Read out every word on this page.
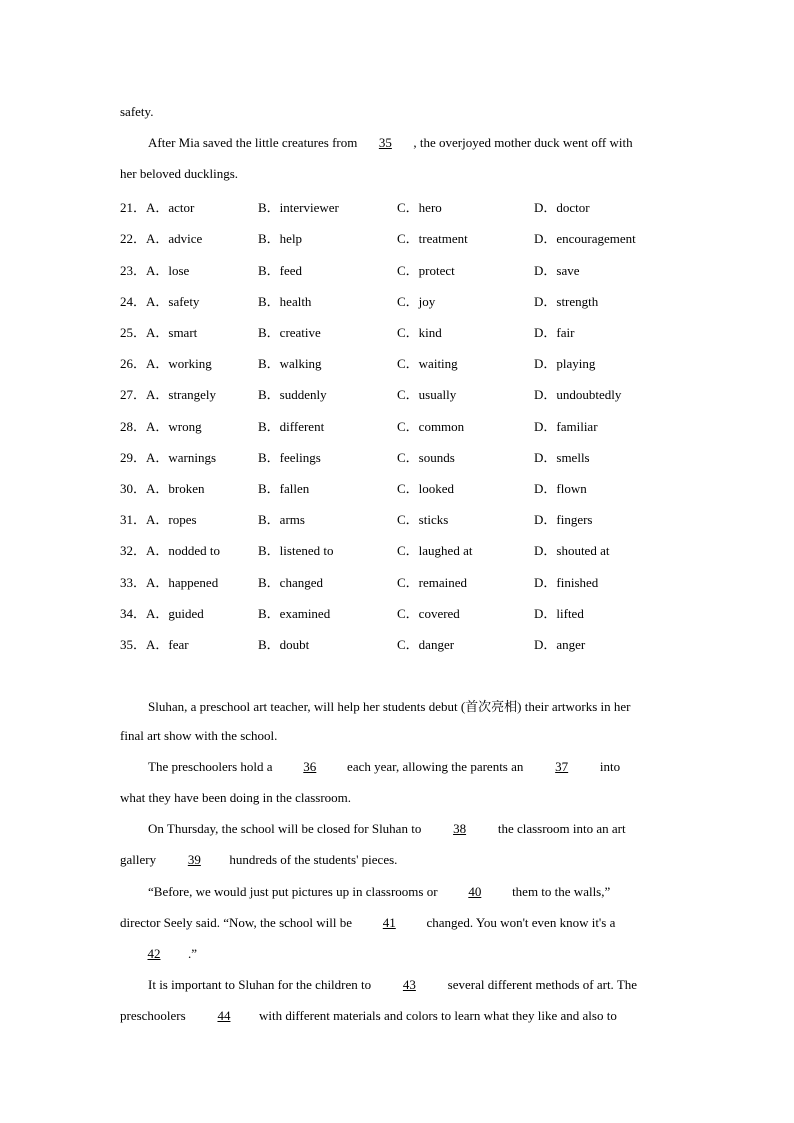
safety.
After Mia saved the little creatures from 35 , the overjoyed mother duck went off with
her beloved ducklings.
21． A．actor	B．interviewer	C．hero	D．doctor
22． A．advice	B．help	C．treatment	D．encouragement
23． A．lose	B．feed	C．protect	D．save
24． A．safety	B．health	C．joy	D．strength
25． A．smart	B．creative	C．kind	D．fair
26． A．working	B．walking	C．waiting	D．playing
27． A．strangely	B．suddenly	C．usually	D．undoubtedly
28． A．wrong	B．different	C．common	D．familiar
29． A．warnings	B．feelings	C．sounds	D．smells
30． A．broken	B．fallen	C．looked	D．flown
31． A．ropes	B．arms	C．sticks	D．fingers
32． A．nodded to	B．listened to	C．laughed at	D．shouted at
33． A．happened	B．changed	C．remained	D．finished
34． A．guided	B．examined	C．covered	D．lifted
35． A．fear	B．doubt	C．danger	D．anger
Sluhan, a preschool art teacher, will help her students debut (首次亮相) their artworks in her
final art show with the school.
The preschoolers hold a 36 each year, allowing the parents an 37 into
what they have been doing in the classroom.
On Thursday, the school will be closed for Sluhan to 38 the classroom into an art
gallery 39 hundreds of the students' pieces.
“Before, we would just put pictures up in classrooms or 40 them to the walls,”
director Seely said. “Now, the school will be 41 changed. You won't even know it's a
42 .”
It is important to Sluhan for the children to 43 several different methods of art. The
preschoolers 44 with different materials and colors to learn what they like and also to
